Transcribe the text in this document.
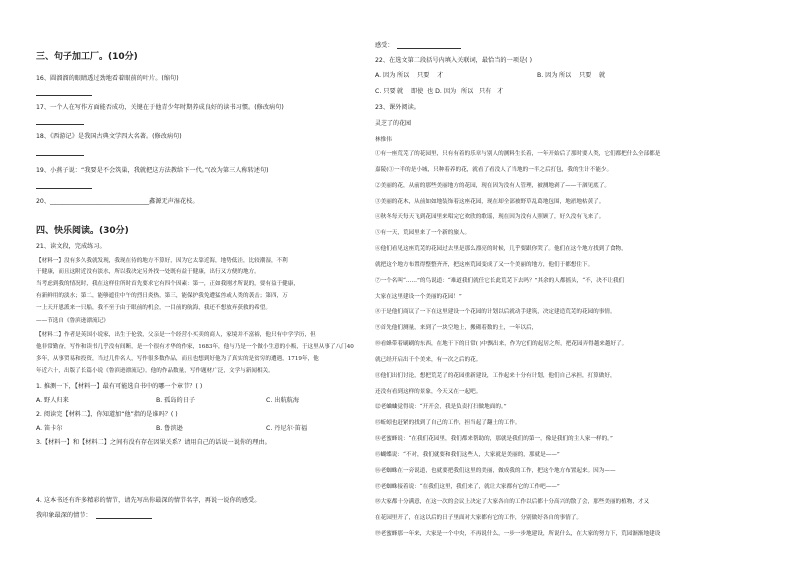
三、句子加工厂。(10分)
16、圆溜溜的眼睛透过劲地看着眼前的叶片。(缩句)
17、一个人在写作方面能否成功，关键在于他青少年时期养成良好的读书习惯。(修改病句)
18、《西游记》是我国古典文学四大名著。(修改病句)
19、小燕子说：“我要是不会筑巢，我就把这方法教给下一代。”(改为第三人称转述句)
20、________________________________鑫源无声湿花枝。
四、快乐阅读。(30分)
21、读文段，完成练习。
【材料一】没有多久我就发现，我现在待的地方不算好，因为它太靠近海，地势低洼，比较潮湿，不利
于健康，而且这附近没有淡水，所以我决定另外找一处既有益于健康，出行又方便的地方。
当考虑到我的情况时，我在这样住所时首先要求它有四个因素：第一，正如我刚才所说的，要有益于健康，
有新鲜用的淡水；第二，能够遮住中午的烈日炎热，第三，能保护我免遭猛兽或人类的袭击；第四，万
一上天开恩派来一只船，我不至于由于眼前的机会，一目前的航海，我还不想放弃获救的希望。
——节选自《鲁滨逊漂流记》
【材料二】作者是英国小说家，出生于伦敦，父亲是一个经营小买卖的商人，家境并不富裕，他只有中学学历，但
他非常勤奋，写作和读书几乎没有间断，是一个很有才华的作家，1683年，他与乃是一个做小生意的小贩，于这里从事了八门40
多年，从事贸易和投资，当过几件名人，写作很多数作品，而且也想到好他为了真实的是贫穷的遭遇，1719年，他
年近六十，出版了长篇小说《鲁滨逊漂流记》。他的作品数量，写作题材广泛，文学与新闻相关。
1. 推测一下，【材料一】最有可能选自书中的哪一个章节？( )
A. 野人归来	B. 孤岛的日子	C. 出航航海
2. 阅读完【材料二】，你知道加“他”指的是谁吗？( )
A. 笛卡尔	B. 鲁滨逊	C. 丹尼尔·笛福
3.【材料一】和【材料二】之间有没有存在因果关系？请用自己的话说一说你的理由。
4. 这本书还有许多精彩的情节，请先写出你最深的情节名字，再说一说你的感受。
我印象最深的情节：
感受：
22、在选文第二段括号内填入关联词，最恰当的一项是( )
A. 因为 所以 只要 才	B. 因为所以 只要 就
C. 只要就 即使 也 D. 因为 所以 只有 才
23、课外阅读。
灵芝了的花园
林惟伟
①有一座荒芜了的花园里，只有有着的乐章与别人的测料生长着，一年开始后了那时要人类，它们都把什么全部都是
嘉陵(①一半的是小城，只种着养的花，就看了看没人了当地的一半之后打包，我的生计不能少。
②美丽的花，从前的那些美丽地方的花园，现在因为没有人管理，被测地剥了——干涸见底了。
③美丽的花木，从前如如地装饰着这座花园，现在却全部被野草乱葛地包围，地淤地枯黄了。
④秋冬每天每天飞到花园里来唱完它欢欣的歌谣，现在因为没有人照顾了，好久没有飞来了。
⑤有一天，荒园里来了一个新的旅人。
⑥他们看见这座荒芜的花园过去里是那么漂亮的时候，几乎要跟你哭了。他们在这个地方找到了食物，
就把这个地方布置得整整齐齐，把这座荒园变成了又一个美丽的地方，他们于都想住下。
⑦一个名叫“……”的鸟说道：“难道我们就任它长此荒芜下去吗？”其余的人都摇头，“不，决不让我们
大家在这里建设一个美丽的花园！”
⑧于是他们商议了一下在这里建设一个花园的计划以后就动手建筑，决定建造荒芜的花园的事情。
⑨首先他们测量，来到了一块空地上，搬砌着数的土，一年以后，
⑩看蜂带着刷刷的东西，在地干下的日常( )中飘出来，作为它们的起居之所，把花园弄得越来越好了。
就已经开启出千个美来，有一次之后的花。
⑪他们出们讨论，想把荒芜了的花园重新建设，工作起来十分有计划，他们自己承担，打算做好，
还没有看到这样的景象，今天又在一起吧。
⑫老蛐蛐觉得说：“开开会，我是负责打扫做地面的。”
⑬蚯蚓也赶紧的找到了自己的工作，担当起了翻土的工作。
⑭老蜜蜂说：“在我们花园里，我们都来帮助的，那就是我们的第一，像是我们的主人家一样的。”
⑮蝴蝶说：“不对，我们就要和我们这些人，大家就是美丽的，那就是——”
⑯老蜘蛛在一旁说道，也就要把我们这里的美丽，做成我的工作，把这个地方布置起来。因为——
⑰老蜘蛛接着说：“在我们这里，我们来了，就让大家都有它的工作吧——”
⑱大家都十分满意，在这一次的会议上决定了大家各自的工作以后都十分高兴的散了会，那些美丽的植物，才又
在花园里开了，在这以后的日子里面对大家都有它的工作，分别做好各自的事情了。
⑲老蜜蜂那一年来，大家是一个中央，不再说什么，一步一步地建设，所说什么，在大家的努力下，荒园渐渐地建设
